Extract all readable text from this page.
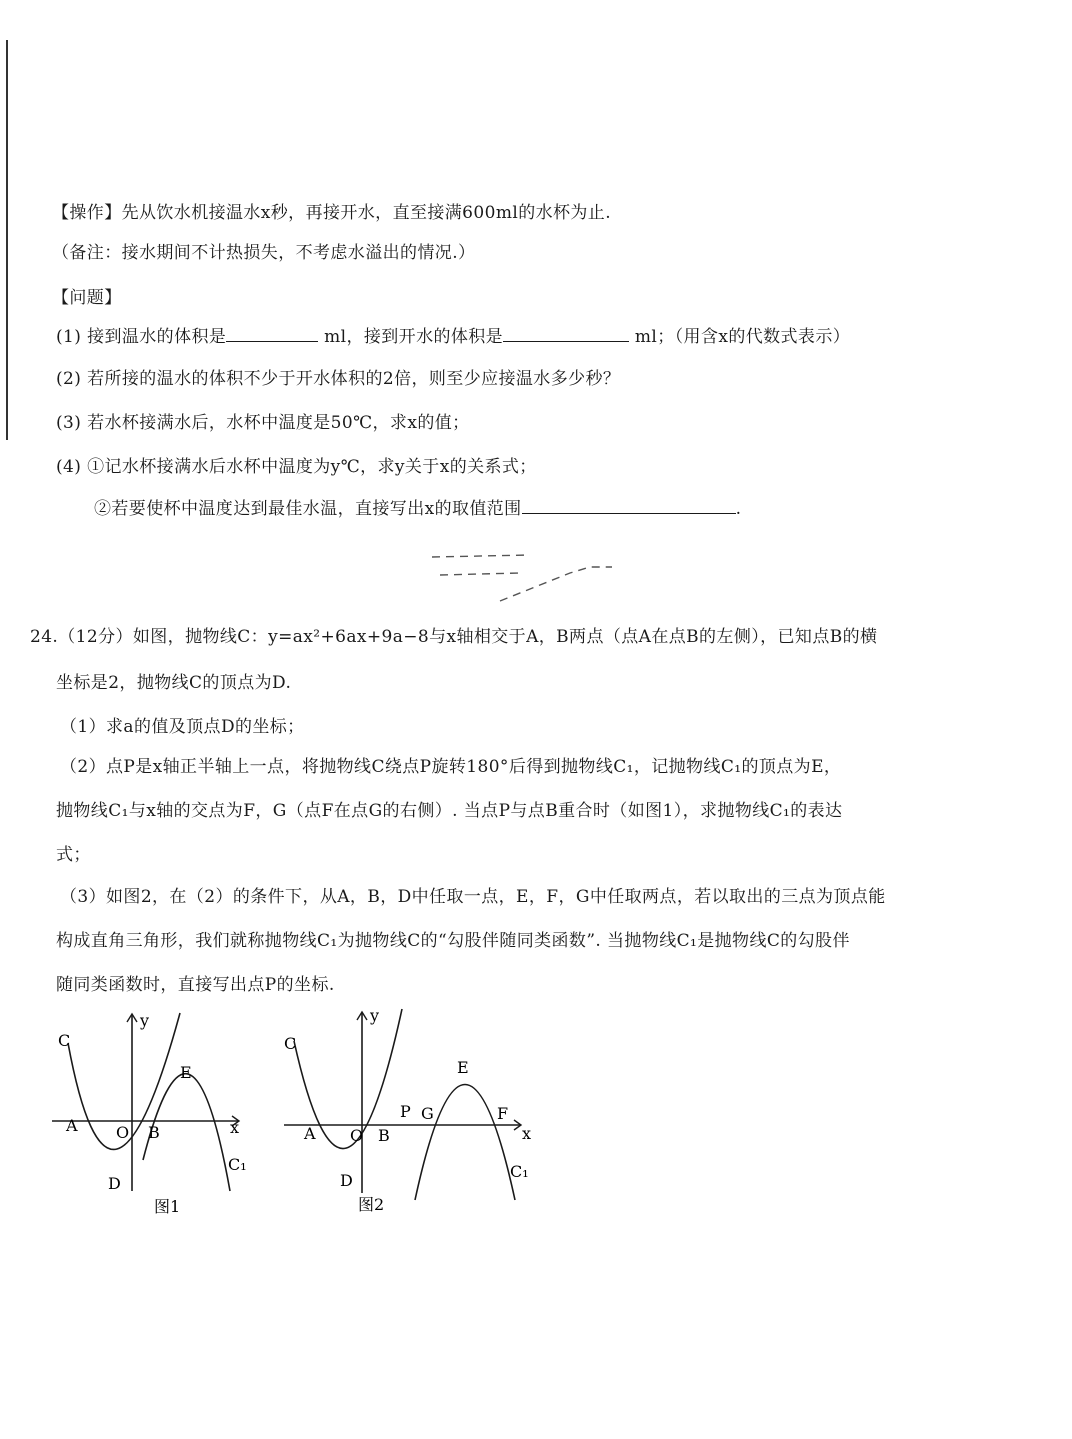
【操作】先从饮水机接温水x秒，再接开水，直至接满600ml的水杯为止.
（备注：接水期间不计热损失，不考虑水溢出的情况.）
【问题】
(1) 接到温水的体积是	ml，接到开水的体积是	ml；（用含x的代数式表示）
(2) 若所接的温水的体积不少于开水体积的2倍，则至少应接温水多少秒？
(3) 若水杯接满水后，水杯中温度是50℃，求x的值；
(4) ①记水杯接满水后水杯中温度为y℃，求y关于x的关系式；
②若要使杯中温度达到最佳水温，直接写出x的取值范围	.
24.（12分）如图，抛物线C：y=ax²+6ax+9a−8与x轴相交于A，B两点（点A在点B的左侧），已知点B的横
坐标是2，抛物线C的顶点为D.
（1）求a的值及顶点D的坐标；
（2）点P是x轴正半轴上一点，将抛物线C绕点P旋转180°后得到抛物线C₁，记抛物线C₁的顶点为E，
抛物线C₁与x轴的交点为F，G（点F在点G的右侧）. 当点P与点B重合时（如图1），求抛物线C₁的表达
式；
（3）如图2，在（2）的条件下，从A，B，D中任取一点，E，F，G中任取两点，若以取出的三点为顶点能
构成直角三角形，我们就称抛物线C₁为抛物线C的“勾股伴随同类函数”. 当抛物线C₁是抛物线C的勾股伴
随同类函数时，直接写出点P的坐标.
C
y
E
A O B	x
D
C₁
图1
C
y
E
A O B
P G	F
x
D	C₁
图2
